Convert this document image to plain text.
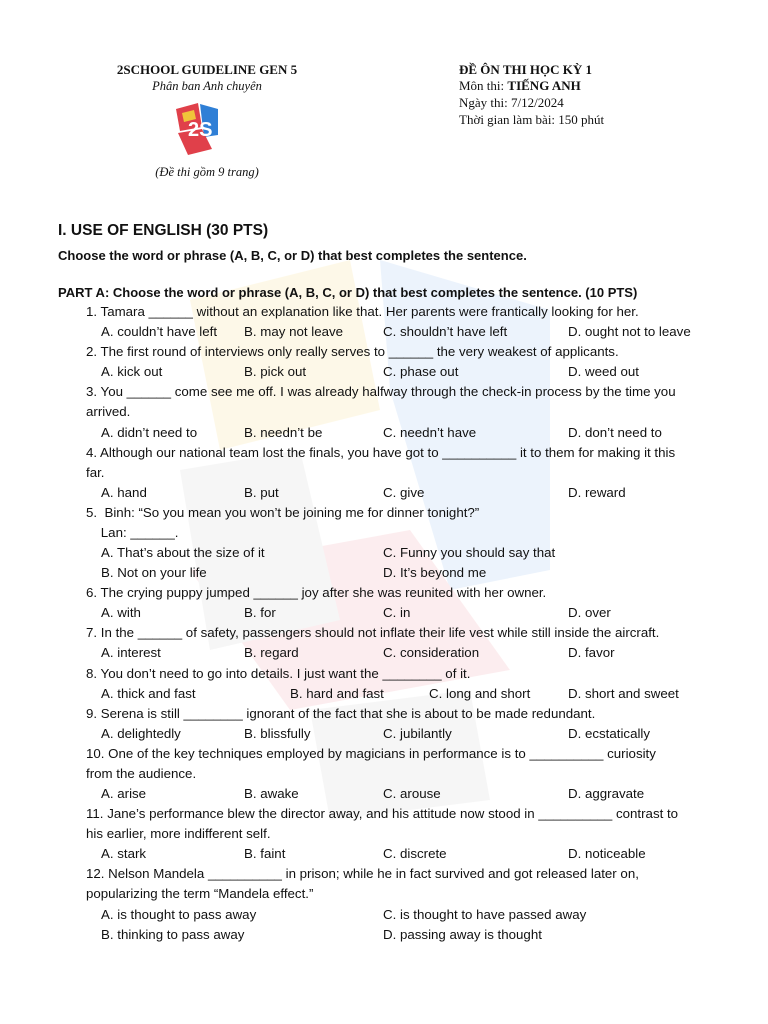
2SCHOOL GUIDELINE GEN 5
Phân ban Anh chuyên
2S
(Đề thi gồm 9 trang)
ĐỀ ÔN THI HỌC KỲ 1
Môn thi: TIẾNG ANH
Ngày thi: 7/12/2024
Thời gian làm bài: 150 phút
I. USE OF ENGLISH (30 PTS)
Choose the word or phrase (A, B, C, or D) that best completes the sentence.
PART A: Choose the word or phrase (A, B, C, or D) that best completes the sentence. (10 PTS)
1. Tamara ______ without an explanation like that. Her parents were frantically looking for her.
A. couldn’t have left B. may not leave	C. shouldn’t have left	D. ought not to leave
2. The first round of interviews only really serves to ______ the very weakest of applicants.
A. kick out	B. pick out	C. phase out	D. weed out
3. You ______ come see me off. I was already halfway through the check-in process by the time you
arrived.
A. didn’t need to	B. needn’t be	C. needn’t have	D. don’t need to
4. Although our national team lost the finals, you have got to __________ it to them for making it this
far.
A. hand	B. put	C. give	D. reward
5.  Binh: “So you mean you won’t be joining me for dinner tonight?”
Lan: ______.
A. That’s about the size of it	C. Funny you should say that
B. Not on your life	D. It’s beyond me
6. The crying puppy jumped ______ joy after she was reunited with her owner.
A. with	B. for	C. in	D. over
7. In the ______ of safety, passengers should not inflate their life vest while still inside the aircraft.
A. interest	B. regard	C. consideration	D. favor
8. You don’t need to go into details. I just want the ________ of it.
A. thick and fast	B. hard and fast	C. long and short	D. short and sweet
9. Serena is still ________ ignorant of the fact that she is about to be made redundant.
A. delightedly	B. blissfully	C. jubilantly	D. ecstatically
10. One of the key techniques employed by magicians in performance is to __________ curiosity
from the audience.
A. arise	B. awake	C. arouse	D. aggravate
11. Jane’s performance blew the director away, and his attitude now stood in __________ contrast to
his earlier, more indifferent self.
A. stark	B. faint	C. discrete	D. noticeable
12. Nelson Mandela __________ in prison; while he in fact survived and got released later on,
popularizing the term “Mandela effect.”
A. is thought to pass away	C. is thought to have passed away
B. thinking to pass away	D. passing away is thought
